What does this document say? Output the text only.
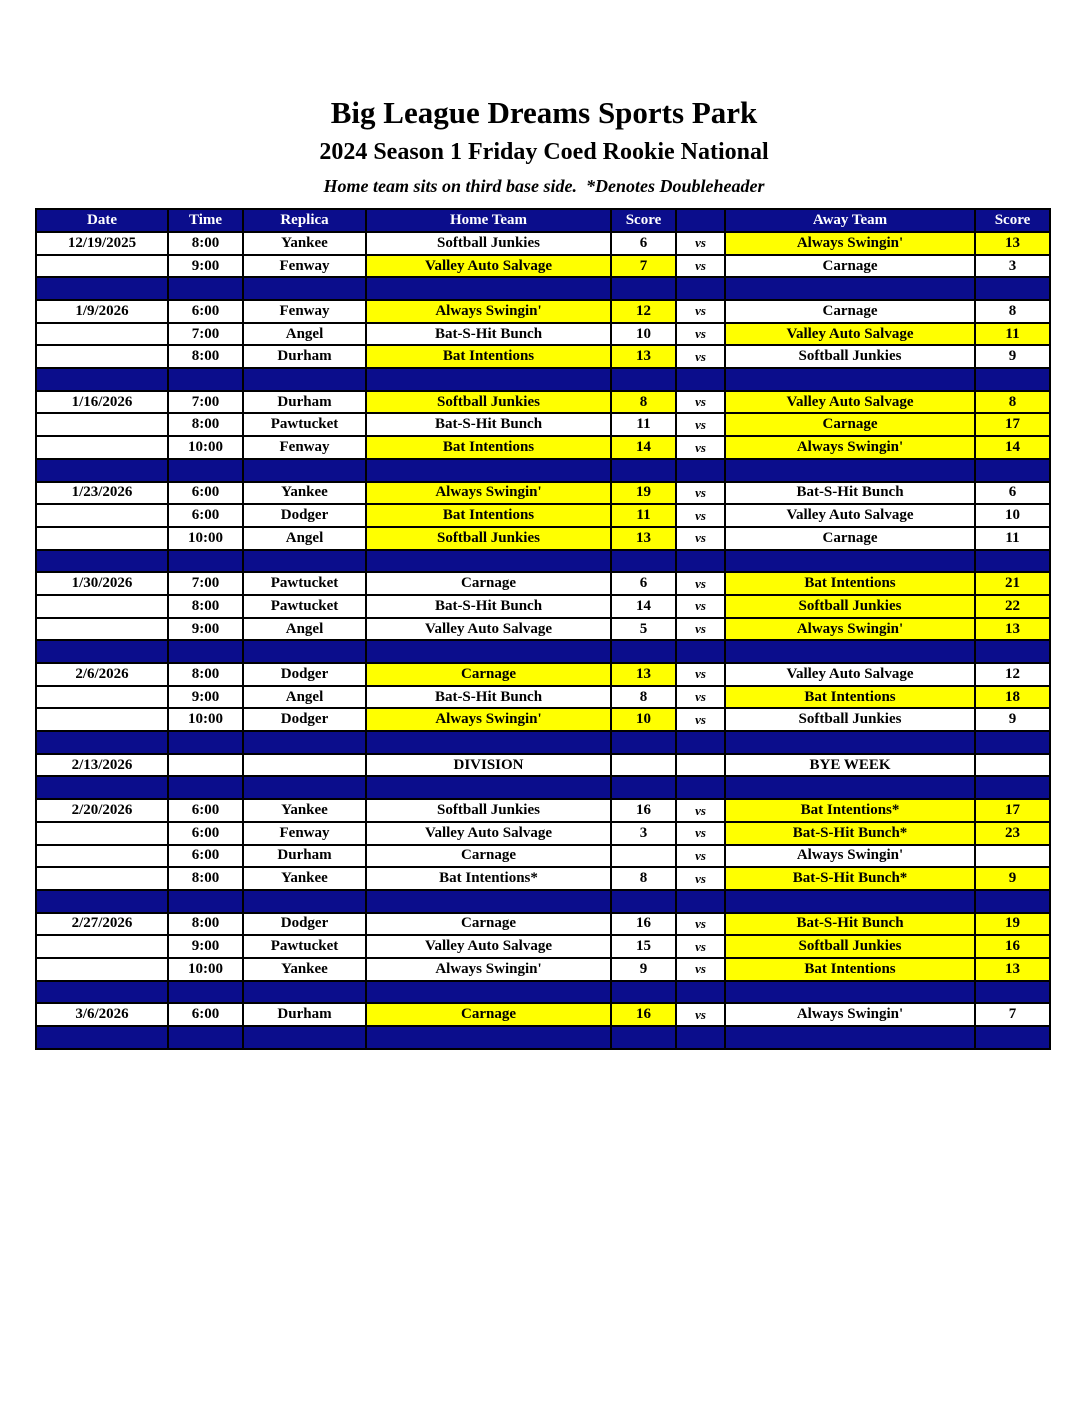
Big League Dreams Sports Park
2024 Season 1 Friday Coed Rookie National
Home team sits on third base side.  *Denotes Doubleheader
Date	Time	Replica	Home Team	Score		Away Team	Score
12/19/2025	8:00	Yankee	Softball Junkies	6	vs	Always Swingin'	13
	9:00	Fenway	Valley Auto Salvage	7	vs	Carnage	3

1/9/2026	6:00	Fenway	Always Swingin'	12	vs	Carnage	8
	7:00	Angel	Bat-S-Hit Bunch	10	vs	Valley Auto Salvage	11
	8:00	Durham	Bat Intentions	13	vs	Softball Junkies	9

1/16/2026	7:00	Durham	Softball Junkies	8	vs	Valley Auto Salvage	8
	8:00	Pawtucket	Bat-S-Hit Bunch	11	vs	Carnage	17
	10:00	Fenway	Bat Intentions	14	vs	Always Swingin'	14

1/23/2026	6:00	Yankee	Always Swingin'	19	vs	Bat-S-Hit Bunch	6
	6:00	Dodger	Bat Intentions	11	vs	Valley Auto Salvage	10
	10:00	Angel	Softball Junkies	13	vs	Carnage	11

1/30/2026	7:00	Pawtucket	Carnage	6	vs	Bat Intentions	21
	8:00	Pawtucket	Bat-S-Hit Bunch	14	vs	Softball Junkies	22
	9:00	Angel	Valley Auto Salvage	5	vs	Always Swingin'	13

2/6/2026	8:00	Dodger	Carnage	13	vs	Valley Auto Salvage	12
	9:00	Angel	Bat-S-Hit Bunch	8	vs	Bat Intentions	18
	10:00	Dodger	Always Swingin'	10	vs	Softball Junkies	9

2/13/2026			DIVISION			BYE WEEK	

2/20/2026	6:00	Yankee	Softball Junkies	16	vs	Bat Intentions*	17
	6:00	Fenway	Valley Auto Salvage	3	vs	Bat-S-Hit Bunch*	23
	6:00	Durham	Carnage		vs	Always Swingin'	
	8:00	Yankee	Bat Intentions*	8	vs	Bat-S-Hit Bunch*	9

2/27/2026	8:00	Dodger	Carnage	16	vs	Bat-S-Hit Bunch	19
	9:00	Pawtucket	Valley Auto Salvage	15	vs	Softball Junkies	16
	10:00	Yankee	Always Swingin'	9	vs	Bat Intentions	13

3/6/2026	6:00	Durham	Carnage	16	vs	Always Swingin'	7
